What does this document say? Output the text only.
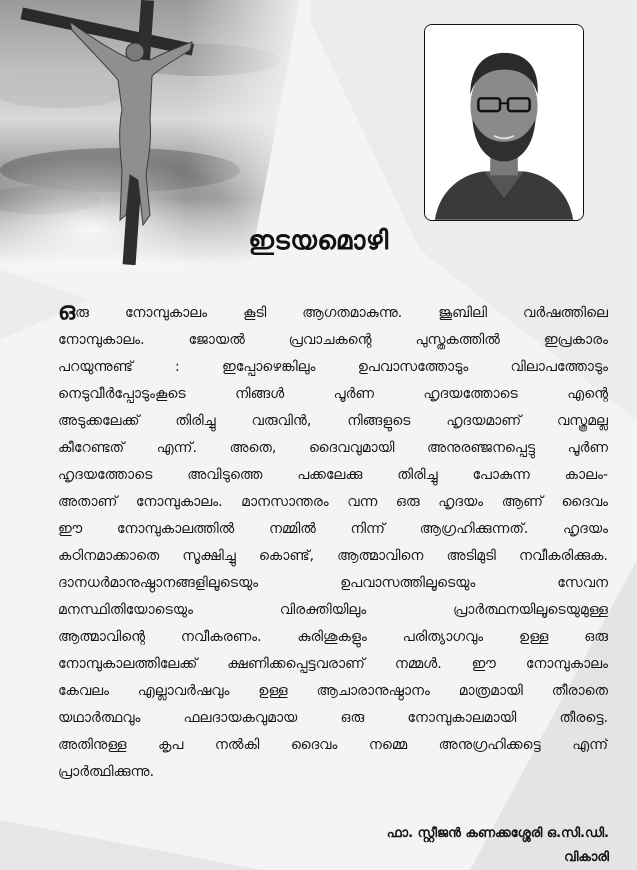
ഇടയമൊഴി
ഒരു നോമ്പുകാലം കൂടി ആഗതമാകുന്നു. ജൂബിലി വർഷത്തിലെ
നോമ്പുകാലം. ജോയൽ പ്രവാചകന്റെ പുസ്തകത്തിൽ ഇപ്രകാരം
പറയുന്നുണ്ട് : ഇപ്പോഴെങ്കിലും ഉപവാസത്തോടും വിലാപത്തോടും
നെടുവീർപ്പോടുംകൂടെ നിങ്ങൾ പൂർണ ഹൃദയത്തോടെ എന്റെ
അടുക്കലേക്ക് തിരിച്ചു വരുവിൻ, നിങ്ങളുടെ ഹൃദയമാണ് വസ്ത്രമല്ല
കീറേണ്ടത് എന്ന്. അതെ, ദൈവവുമായി അനുരഞ്ജനപ്പെട്ടു പൂർണ
ഹൃദയത്തോടെ അവിടുത്തെ പക്കലേക്കു തിരിച്ചു പോകുന്ന കാലം-
അതാണ് നോമ്പുകാലം. മാനസാന്തരം വന്ന ഒരു ഹൃദയം ആണ് ദൈവം
ഈ നോമ്പുകാലത്തിൽ നമ്മിൽ നിന്ന് ആഗ്രഹിക്കുന്നത്. ഹൃദയം
കഠിനമാക്കാതെ സൂക്ഷിച്ചു കൊണ്ട്, ആത്മാവിനെ അടിമുടി നവീകരിക്കുക.
ദാനധർമാനുഷ്ഠാനങ്ങളിലൂടെയും ഉപവാസത്തിലൂടെയും സേവന
മനസ്ഥിതിയോടെയും വിരക്തിയിലും പ്രാർത്ഥനയിലൂടെയുമുള്ള
ആത്മാവിന്റെ നവീകരണം. കുരിശുകളും പരിത്യാഗവും ഉള്ള ഒരു
നോമ്പുകാലത്തിലേക്ക് ക്ഷണിക്കപ്പെട്ടവരാണ് നമ്മൾ. ഈ നോമ്പുകാലം
കേവലം എല്ലാവർഷവും ഉള്ള ആചാരാനുഷ്ഠാനം മാത്രമായി തീരാതെ
യഥാർത്ഥവും ഫലദായകവുമായ ഒരു നോമ്പുകാലമായി തീരട്ടെ.
അതിനുള്ള കൃപ നൽകി ദൈവം നമ്മെ അനുഗ്രഹിക്കട്ടെ എന്ന്
പ്രാർത്ഥിക്കുന്നു.
ഫാ. സ്റ്റീജൻ കണക്കശ്ശേരി ഒ.സി.ഡി.
വികാരി
